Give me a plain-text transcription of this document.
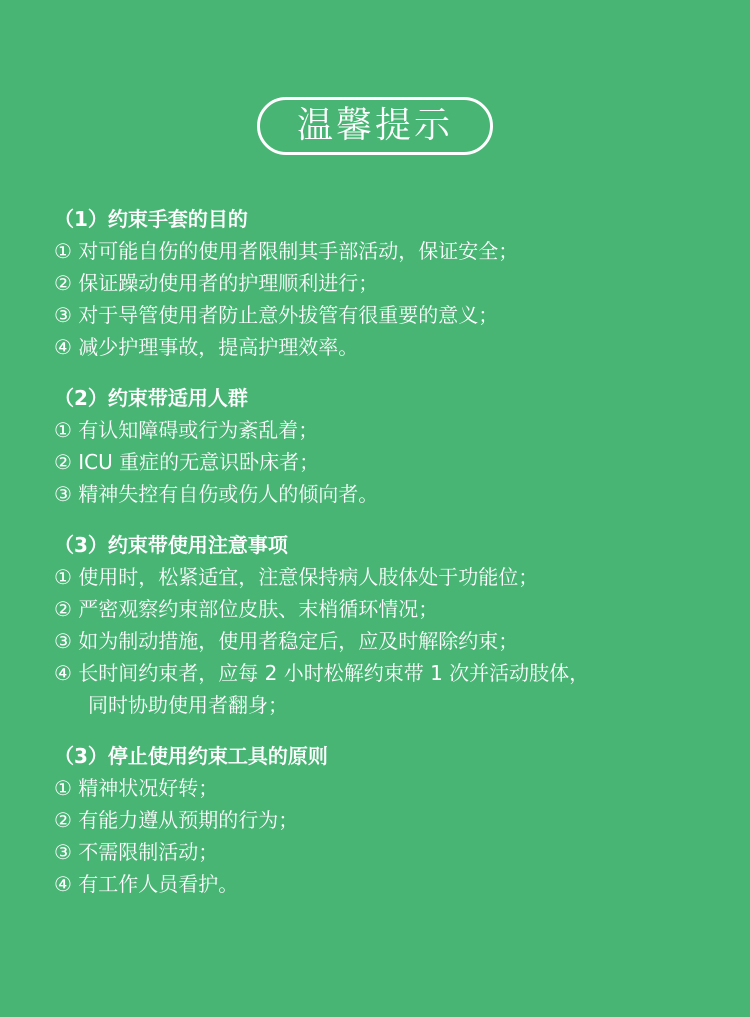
温馨提示
（1）约束手套的目的
① 对可能自伤的使用者限制其手部活动，保证安全；
② 保证躁动使用者的护理顺利进行；
③ 对于导管使用者防止意外拔管有很重要的意义；
④ 减少护理事故，提高护理效率。
（2）约束带适用人群
① 有认知障碍或行为紊乱着；
② ICU 重症的无意识卧床者；
③ 精神失控有自伤或伤人的倾向者。
（3）约束带使用注意事项
① 使用时，松紧适宜，注意保持病人肢体处于功能位；
② 严密观察约束部位皮肤、末梢循环情况；
③ 如为制动措施，使用者稳定后，应及时解除约束；
④ 长时间约束者，应每 2 小时松解约束带 1 次并活动肢体，
同时协助使用者翻身；
（3）停止使用约束工具的原则
① 精神状况好转；
② 有能力遵从预期的行为；
③ 不需限制活动；
④ 有工作人员看护。
